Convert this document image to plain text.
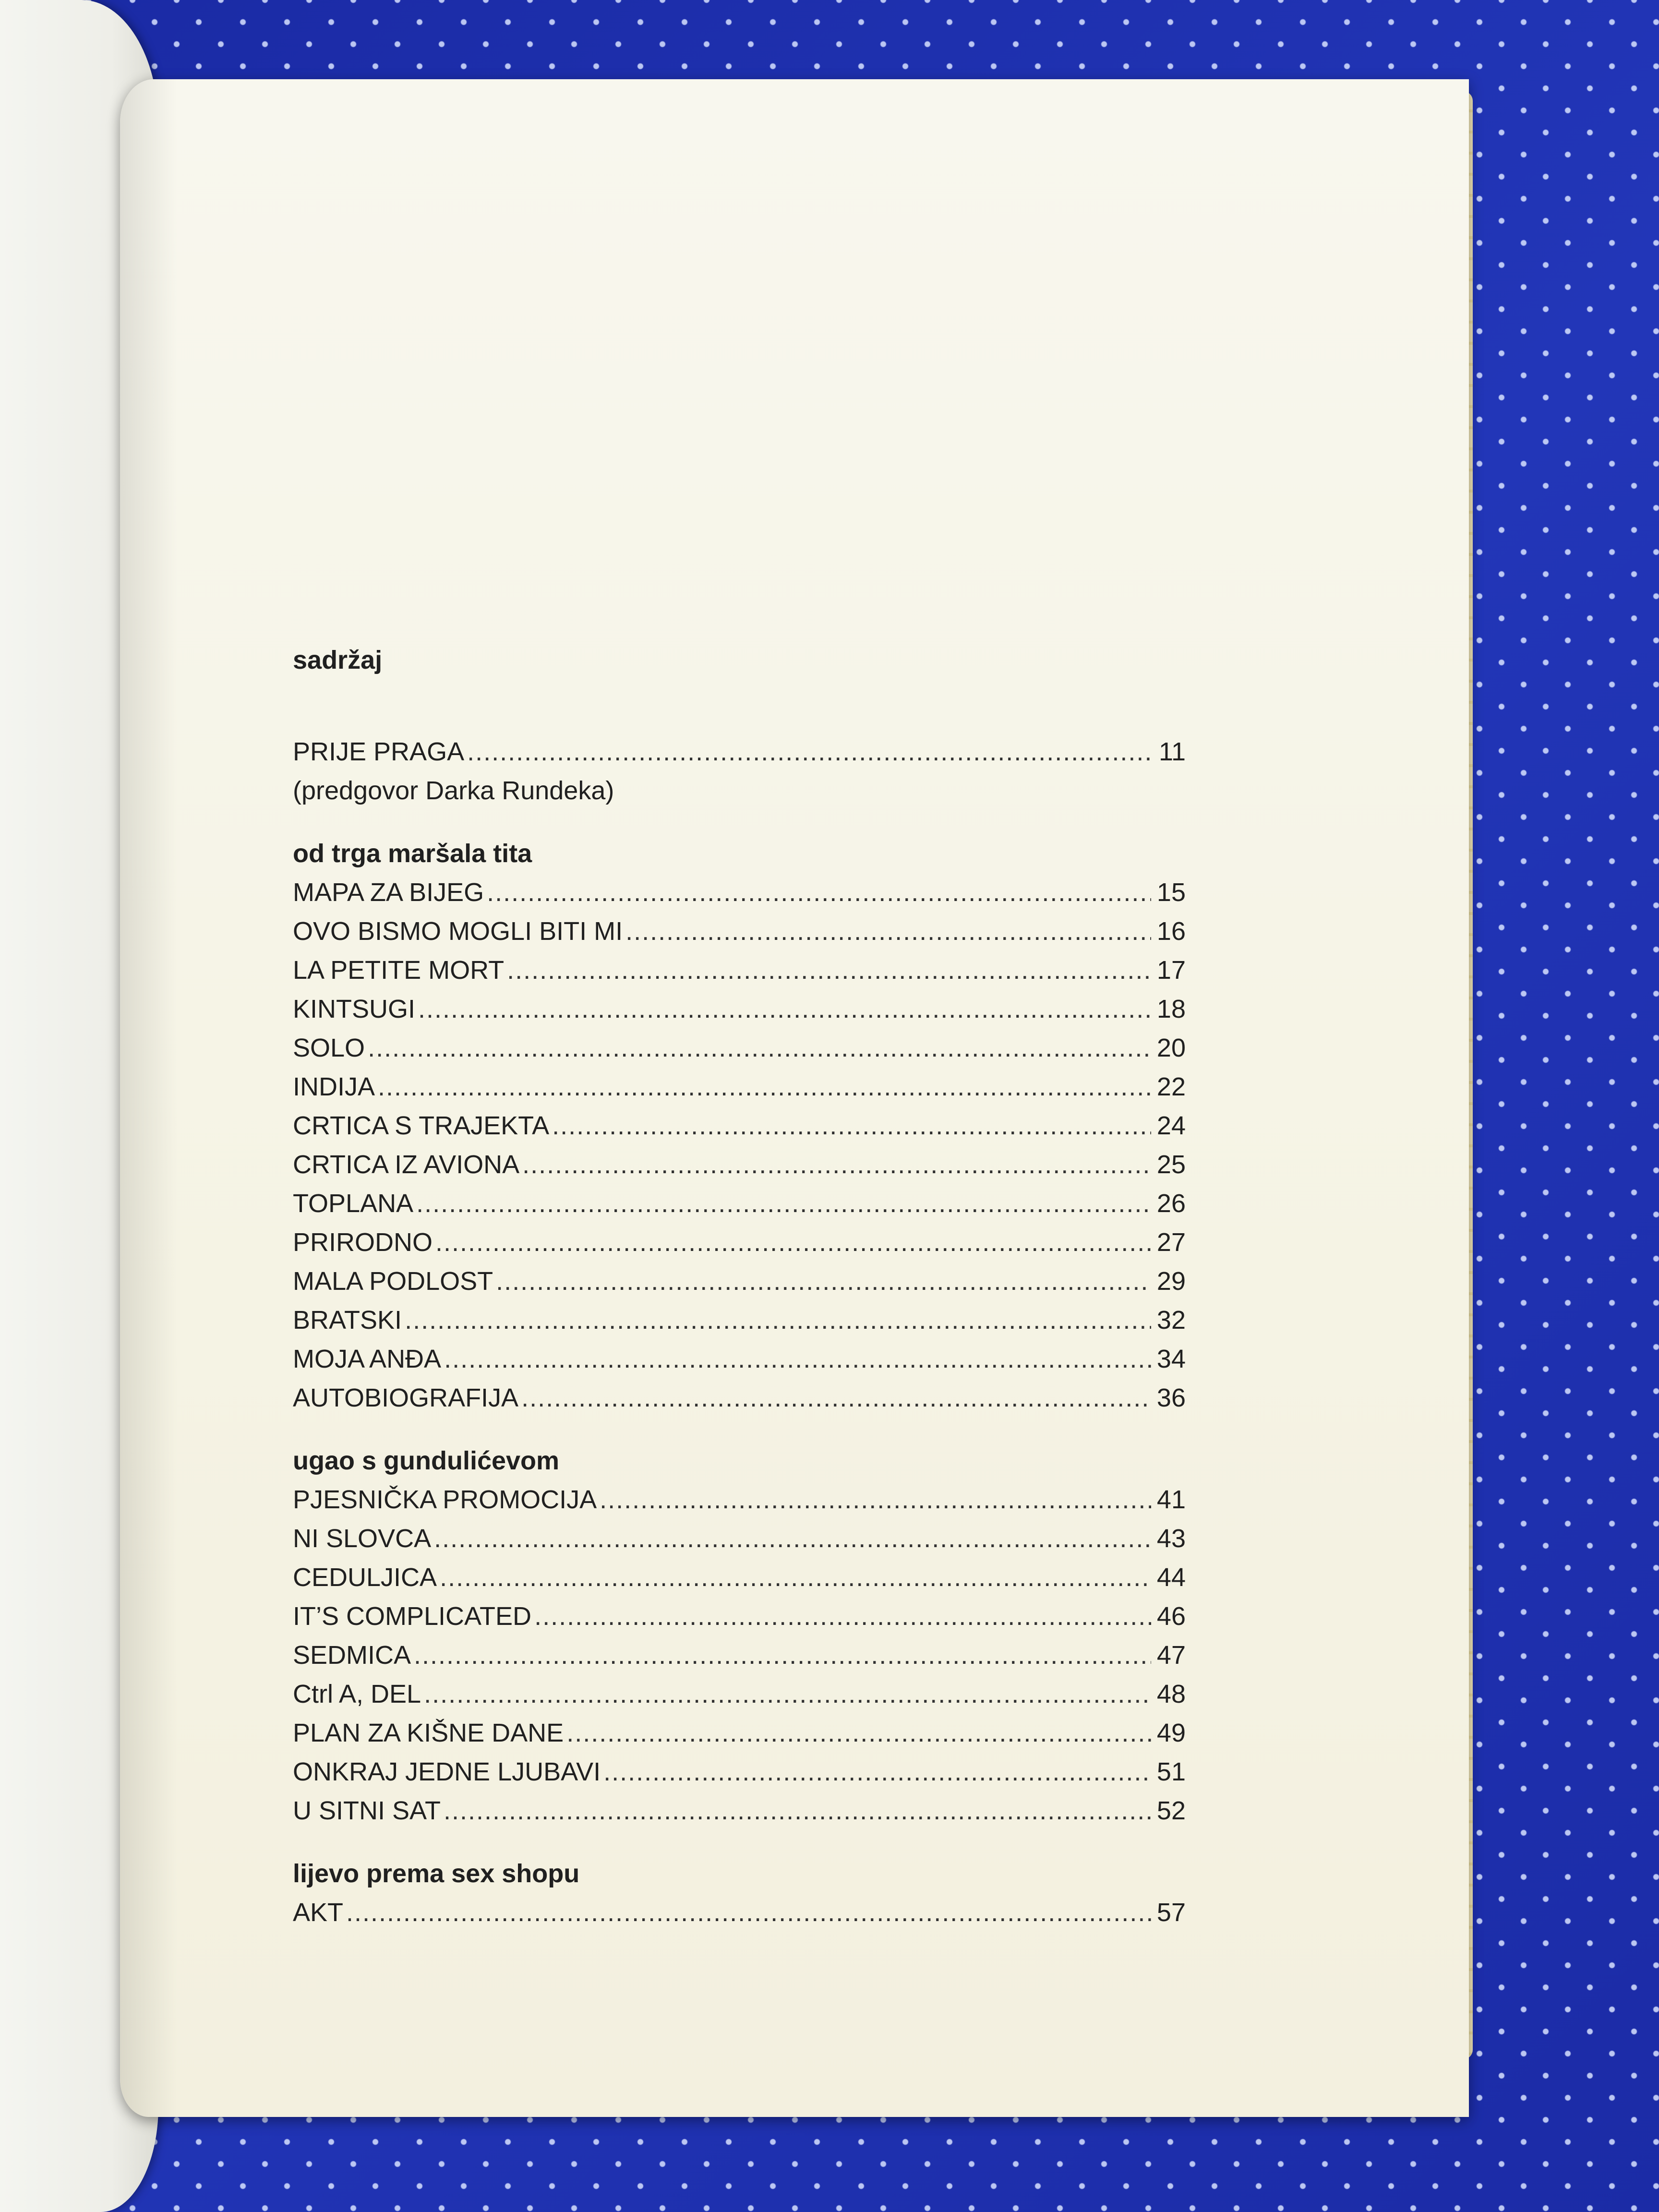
sadržaj
PRIJE PRAGA .....	11
(predgovor Darka Rundeka)
od trga maršala tita
MAPA ZA BIJEG .....	15
OVO BISMO MOGLI BITI MI .....	16
LA PETITE MORT .....	17
KINTSUGI .....	18
SOLO .....	20
INDIJA .....	22
CRTICA S TRAJEKTA .....	24
CRTICA IZ AVIONA .....	25
TOPLANA .....	26
PRIRODNO .....	27
MALA PODLOST .....	29
BRATSKI .....	32
MOJA ANĐA .....	34
AUTOBIOGRAFIJA .....	36
ugao s gundulićevom
PJESNIČKA PROMOCIJA .....	41
NI SLOVCA .....	43
CEDULJICA .....	44
IT’S COMPLICATED .....	46
SEDMICA .....	47
Ctrl A, DEL .....	48
PLAN ZA KIŠNE DANE .....	49
ONKRAJ JEDNE LJUBAVI .....	51
U SITNI SAT .....	52
lijevo prema sex shopu
AKT .....	57
